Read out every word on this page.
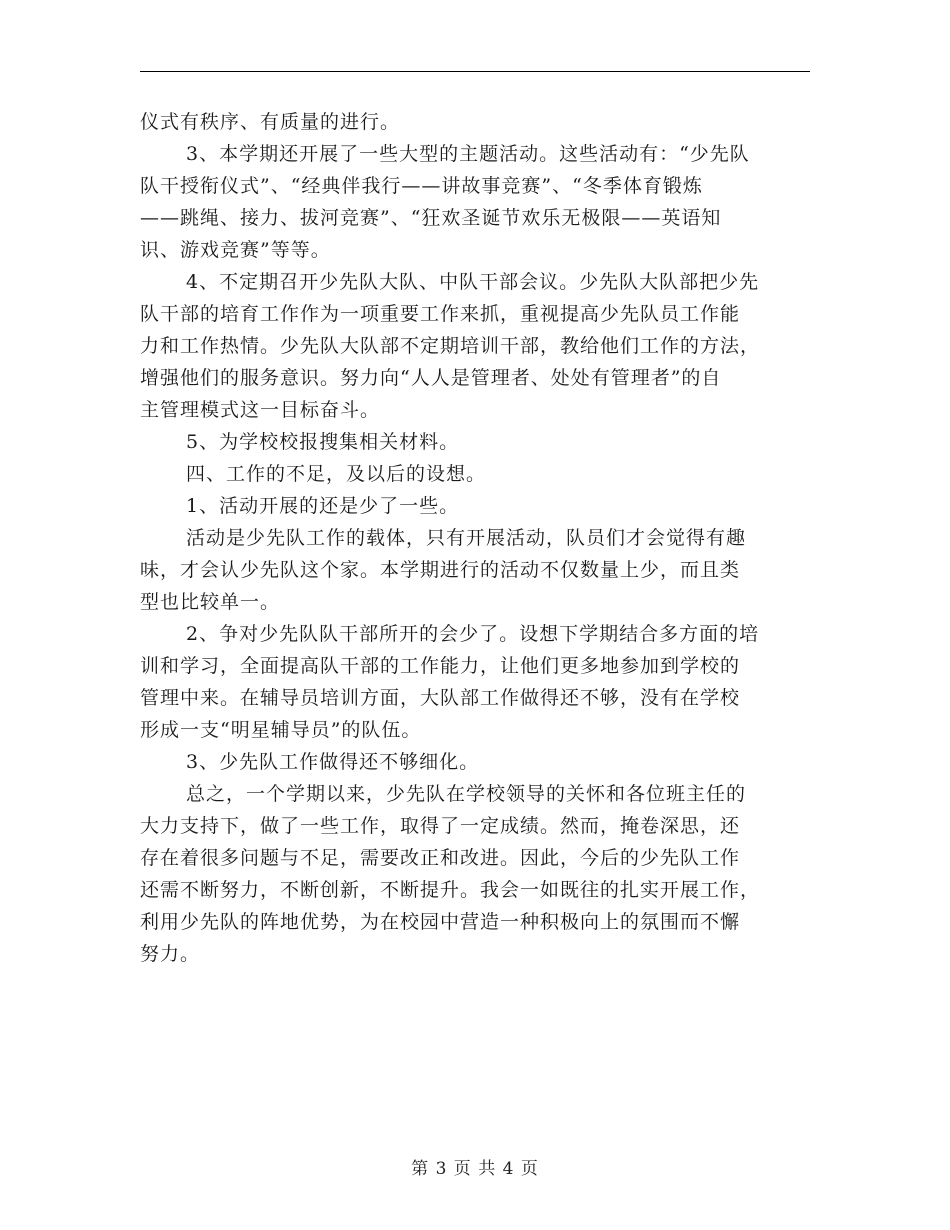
仪式有秩序、有质量的进行。
3、本学期还开展了一些大型的主题活动。这些活动有：“少先队
队干授衔仪式”、“经典伴我行——讲故事竞赛”、“冬季体育锻炼
——跳绳、接力、拔河竞赛”、“狂欢圣诞节欢乐无极限——英语知
识、游戏竞赛”等等。
4、不定期召开少先队大队、中队干部会议。少先队大队部把少先
队干部的培育工作作为一项重要工作来抓，重视提高少先队员工作能
力和工作热情。少先队大队部不定期培训干部，教给他们工作的方法，
增强他们的服务意识。努力向“人人是管理者、处处有管理者”的自
主管理模式这一目标奋斗。
5、为学校校报搜集相关材料。
四、工作的不足，及以后的设想。
1、活动开展的还是少了一些。
活动是少先队工作的载体，只有开展活动，队员们才会觉得有趣
味，才会认少先队这个家。本学期进行的活动不仅数量上少，而且类
型也比较单一。
2、争对少先队队干部所开的会少了。设想下学期结合多方面的培
训和学习，全面提高队干部的工作能力，让他们更多地参加到学校的
管理中来。在辅导员培训方面，大队部工作做得还不够，没有在学校
形成一支“明星辅导员”的队伍。
3、少先队工作做得还不够细化。
总之，一个学期以来，少先队在学校领导的关怀和各位班主任的
大力支持下，做了一些工作，取得了一定成绩。然而，掩卷深思，还
存在着很多问题与不足，需要改正和改进。因此，今后的少先队工作
还需不断努力，不断创新，不断提升。我会一如既往的扎实开展工作，
利用少先队的阵地优势，为在校园中营造一种积极向上的氛围而不懈
努力。
第 3 页 共 4 页
